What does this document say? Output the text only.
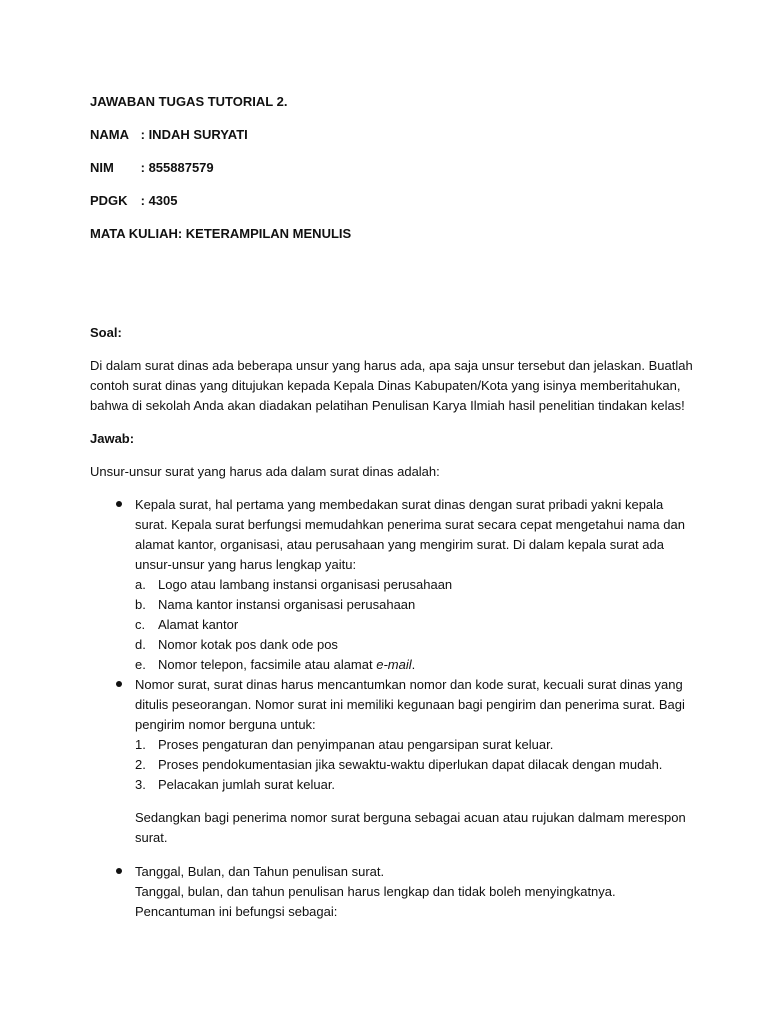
JAWABAN TUGAS TUTORIAL 2.
NAMA : INDAH SURYATI
NIM : 855887579
PDGK : 4305
MATA KULIAH: KETERAMPILAN MENULIS
Soal:
Di dalam surat dinas ada beberapa unsur yang harus ada, apa saja unsur tersebut dan jelaskan. Buatlah
contoh surat dinas yang ditujukan kepada Kepala Dinas Kabupaten/Kota yang isinya memberitahukan,
bahwa di sekolah Anda akan diadakan pelatihan Penulisan Karya Ilmiah hasil penelitian tindakan kelas!
Jawab:
Unsur-unsur surat yang harus ada dalam surat dinas adalah:
Kepala surat, hal pertama yang membedakan surat dinas dengan surat pribadi yakni kepala
surat. Kepala surat berfungsi memudahkan penerima surat secara cepat mengetahui nama dan
alamat kantor, organisasi, atau perusahaan yang mengirim surat. Di dalam kepala surat ada
unsur-unsur yang harus lengkap yaitu:
a. Logo atau lambang instansi organisasi perusahaan
b. Nama kantor instansi organisasi perusahaan
c. Alamat kantor
d. Nomor kotak pos dank ode pos
e. Nomor telepon, facsimile atau alamat e-mail.
Nomor surat, surat dinas harus mencantumkan nomor dan kode surat, kecuali surat dinas yang
ditulis peseorangan. Nomor surat ini memiliki kegunaan bagi pengirim dan penerima surat. Bagi
pengirim nomor berguna untuk:
1. Proses pengaturan dan penyimpanan atau pengarsipan surat keluar.
2. Proses pendokumentasian jika sewaktu-waktu diperlukan dapat dilacak dengan mudah.
3. Pelacakan jumlah surat keluar.
Sedangkan bagi penerima nomor surat berguna sebagai acuan atau rujukan dalmam merespon
surat.
Tanggal, Bulan, dan Tahun penulisan surat.
Tanggal, bulan, dan tahun penulisan harus lengkap dan tidak boleh menyingkatnya.
Pencantuman ini befungsi sebagai:
